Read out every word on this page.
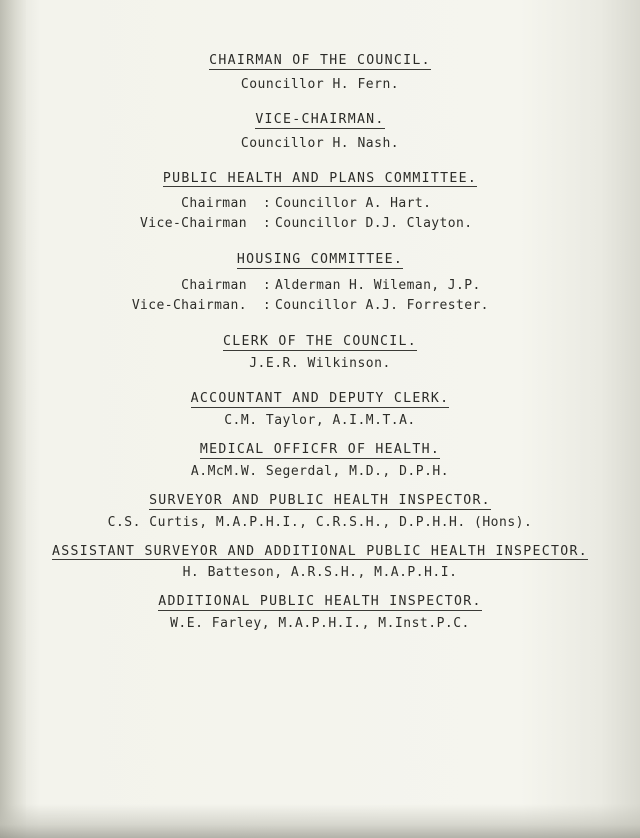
CHAIRMAN OF THE COUNCIL.
Councillor H. Fern.
VICE-CHAIRMAN.
Councillor H. Nash.
PUBLIC HEALTH AND PLANS COMMITTEE.
Chairman	: Councillor A. Hart.
Vice-Chairman	: Councillor D.J. Clayton.
HOUSING COMMITTEE.
Chairman	: Alderman H. Wileman, J.P.
Vice-Chairman.	: Councillor A.J. Forrester.
CLERK OF THE COUNCIL.
J.E.R. Wilkinson.
ACCOUNTANT AND DEPUTY CLERK.
C.M. Taylor, A.I.M.T.A.
MEDICAL OFFICFR OF HEALTH.
A.McM.W. Segerdal, M.D., D.P.H.
SURVEYOR AND PUBLIC HEALTH INSPECTOR.
C.S. Curtis, M.A.P.H.I., C.R.S.H., D.P.H.H. (Hons).
ASSISTANT SURVEYOR AND ADDITIONAL PUBLIC HEALTH INSPECTOR.
H. Batteson, A.R.S.H., M.A.P.H.I.
ADDITIONAL PUBLIC HEALTH INSPECTOR.
W.E. Farley, M.A.P.H.I., M.Inst.P.C.
